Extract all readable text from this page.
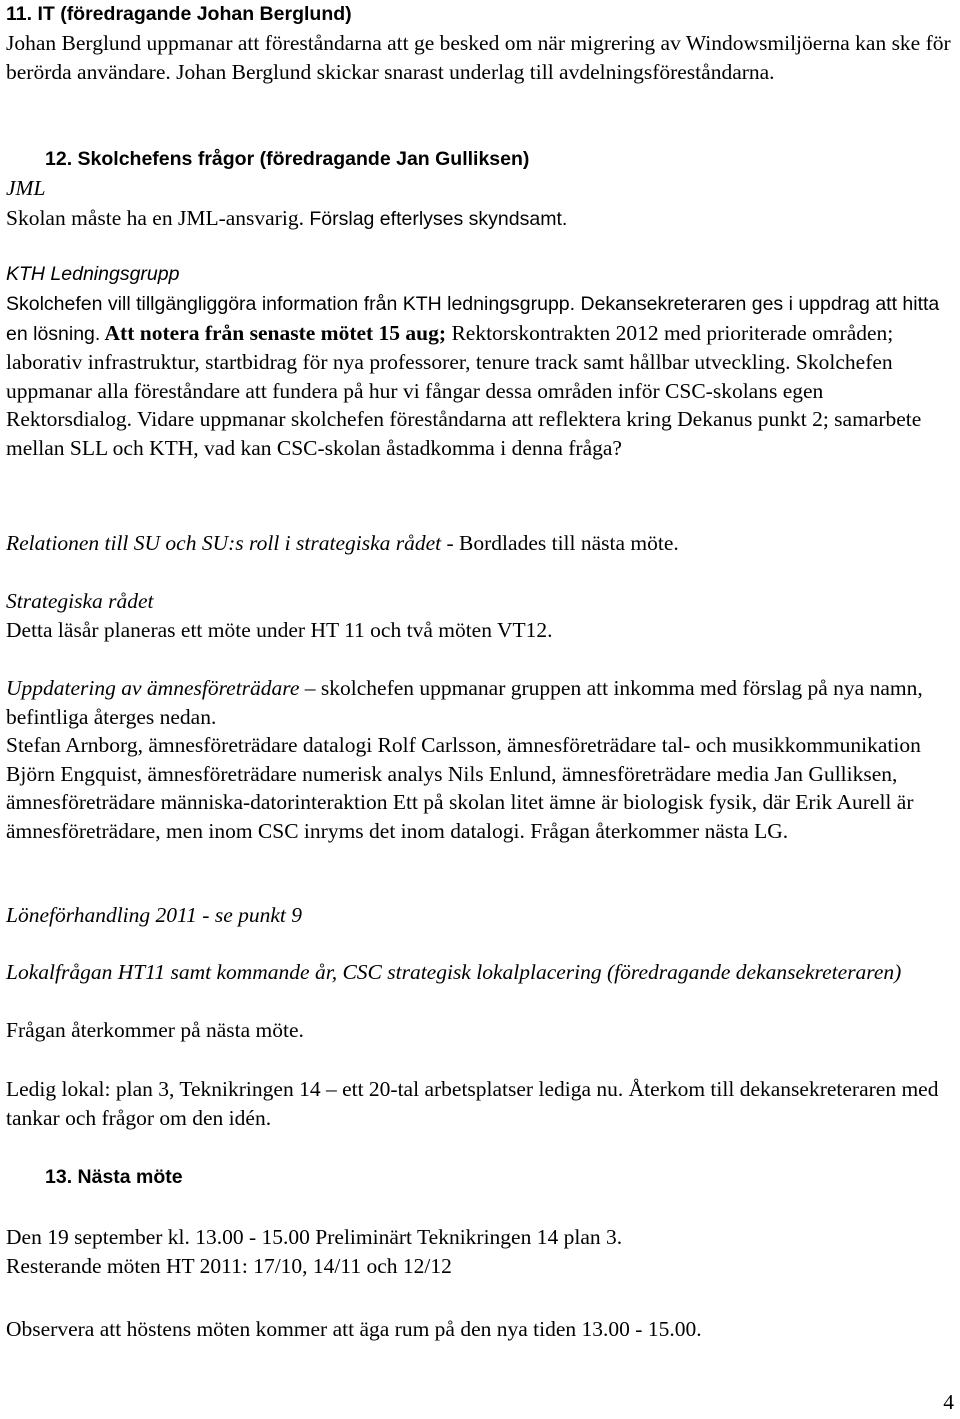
11. IT (föredragande Johan Berglund)
Johan Berglund uppmanar att föreståndarna att ge besked om när migrering av Windowsmiljöerna kan ske för berörda användare. Johan Berglund skickar snarast underlag till avdelningsföreståndarna.
12. Skolchefens frågor (föredragande Jan Gulliksen)
JML
Skolan måste ha en JML-ansvarig. Förslag efterlyses skyndsamt.
KTH Ledningsgrupp
Skolchefen vill tillgängliggöra information från KTH ledningsgrupp. Dekansekreteraren ges i uppdrag att hitta en lösning. Att notera från senaste mötet 15 aug; Rektorskontrakten 2012 med prioriterade områden; laborativ infrastruktur, startbidrag för nya professorer, tenure track samt hållbar utveckling. Skolchefen uppmanar alla föreståndare att fundera på hur vi fångar dessa områden inför CSC-skolans egen Rektorsdialog. Vidare uppmanar skolchefen föreståndarna att reflektera kring Dekanus punkt 2; samarbete mellan SLL och KTH, vad kan CSC-skolan åstadkomma i denna fråga?
Relationen till SU och SU:s roll i strategiska rådet - Bordlades till nästa möte.
Strategiska rådet
Detta läsår planeras ett möte under HT 11 och två möten VT12.
Uppdatering av ämnesföreträdare – skolchefen uppmanar gruppen att inkomma med förslag på nya namn, befintliga återges nedan.
Stefan Arnborg, ämnesföreträdare datalogi Rolf Carlsson, ämnesföreträdare tal- och musikkommunikation Björn Engquist, ämnesföreträdare numerisk analys Nils Enlund, ämnesföreträdare media Jan Gulliksen, ämnesföreträdare människa-datorinteraktion Ett på skolan litet ämne är biologisk fysik, där Erik Aurell är ämnesföreträdare, men inom CSC inryms det inom datalogi. Frågan återkommer nästa LG.
Löneförhandling 2011 - se punkt 9
Lokalfrågan HT11 samt kommande år, CSC strategisk lokalplacering (föredragande dekansekreteraren)
Frågan återkommer på nästa möte.
Ledig lokal: plan 3, Teknikringen 14 – ett 20-tal arbetsplatser lediga nu. Återkom till dekansekreteraren med tankar och frågor om den idén.
13. Nästa möte
Den 19 september kl. 13.00 - 15.00 Preliminärt Teknikringen 14 plan 3.
Resterande möten HT 2011: 17/10, 14/11 och 12/12
Observera att höstens möten kommer att äga rum på den nya tiden 13.00 - 15.00.
4
